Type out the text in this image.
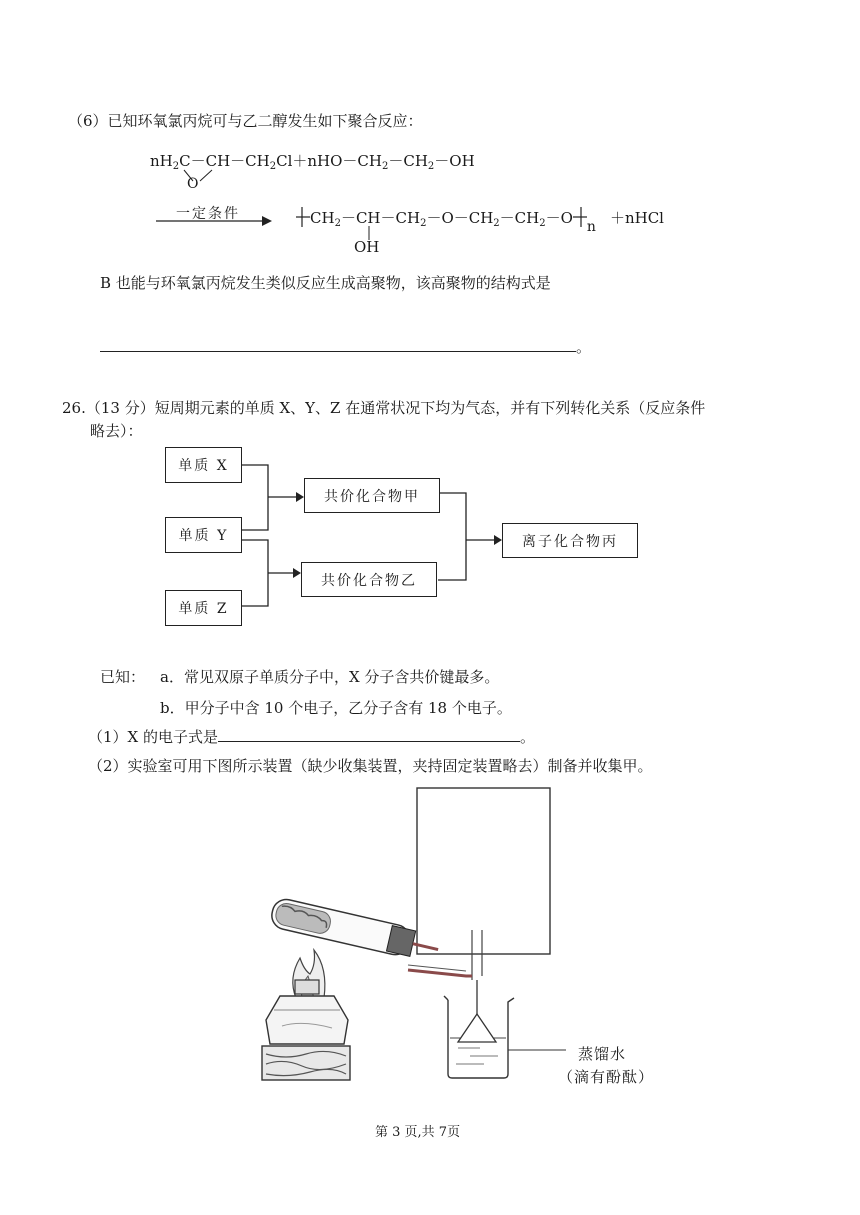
（6）已知环氧氯丙烷可与乙二醇发生如下聚合反应：
$nH_2C-CH-CH_2Cl+nHO-CH_2-CH_2-OH$
O
一定条件	$CH_2-CH-CH_2-O-CH_2-CH_2-O$ n ＋nHCl
OH
B 也能与环氧氯丙烷发生类似反应生成高聚物，该高聚物的结构式是
。
26.（13 分）短周期元素的单质 X、Y、Z 在通常状况下均为气态，并有下列转化关系（反应条件
略去）：
单质 X
单质 Y
单质 Z
共价化合物甲
共价化合物乙
离子化合物丙
已知： a．常见双原子单质分子中，X 分子含共价键最多。
b．甲分子中含 10 个电子，乙分子含有 18 个电子。
（1）X 的电子式是	。
（2）实验室可用下图所示装置（缺少收集装置，夹持固定装置略去）制备并收集甲。
蒸馏水
（滴有酚酞）
第 3 页,共 7页
